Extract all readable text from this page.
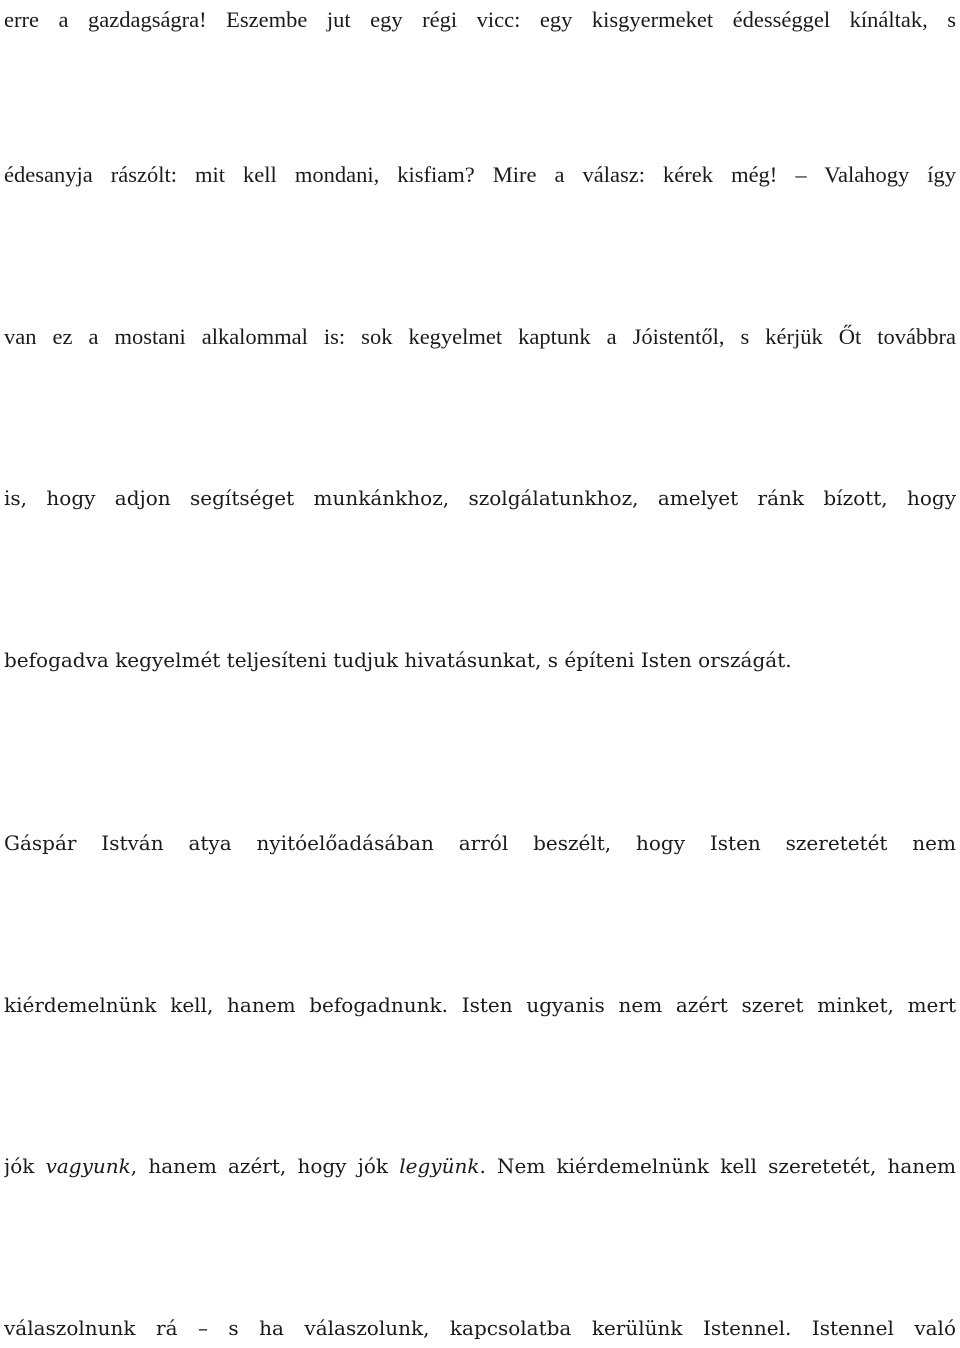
erre a gazdagságra! Eszembe jut egy régi vicc: egy kisgyermeket édességgel kínáltak, s
édesanyja rászólt: mit kell mondani, kisfiam? Mire a válasz: kérek még! – Valahogy így
van ez a mostani alkalommal is: sok kegyelmet kaptunk a Jóistentől, s kérjük Őt továbbra
is, hogy adjon segítséget munkánkhoz, szolgálatunkhoz, amelyet ránk bízott, hogy
befogadva kegyelmét teljesíteni tudjuk hivatásunkat, s építeni Isten országát.
Gáspár István atya nyitóelőadásában arról beszélt, hogy Isten szeretetét nem
kiérdemelnünk kell, hanem befogadnunk. Isten ugyanis nem azért szeret minket, mert
jók vagyunk, hanem azért, hogy jók legyünk. Nem kiérdemelnünk kell szeretetét, hanem
válaszolnunk rá – s ha válaszolunk, kapcsolatba kerülünk Istennel. Istennel való
